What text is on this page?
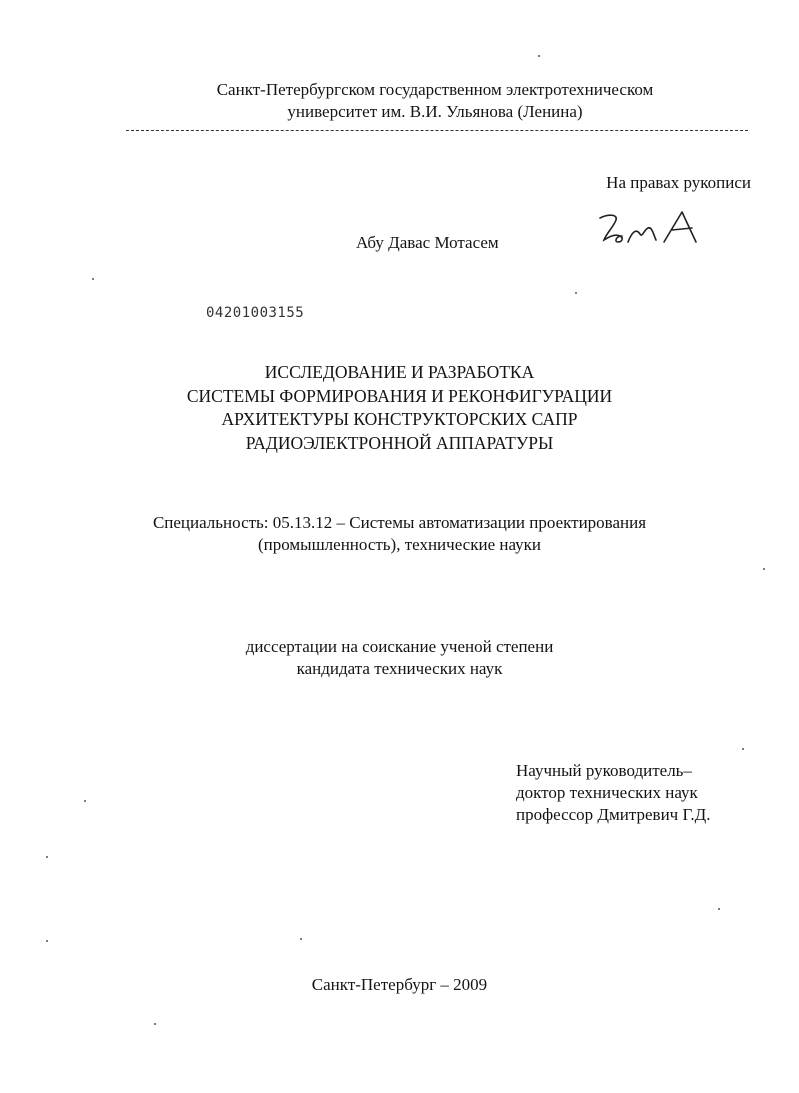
Санкт-Петербургском государственном электротехническом
университет им. В.И. Ульянова (Ленина)
На правах рукописи
Абу Давас Мотасем
04201003155
ИССЛЕДОВАНИЕ И РАЗРАБОТКА
СИСТЕМЫ ФОРМИРОВАНИЯ И РЕКОНФИГУРАЦИИ
АРХИТЕКТУРЫ КОНСТРУКТОРСКИХ САПР
РАДИОЭЛЕКТРОННОЙ АППАРАТУРЫ
Специальность: 05.13.12 – Системы автоматизации проектирования
(промышленность), технические науки
диссертации на соискание ученой степени
кандидата технических наук
Научный руководитель–
доктор технических наук
профессор Дмитревич Г.Д.
Санкт-Петербург – 2009
